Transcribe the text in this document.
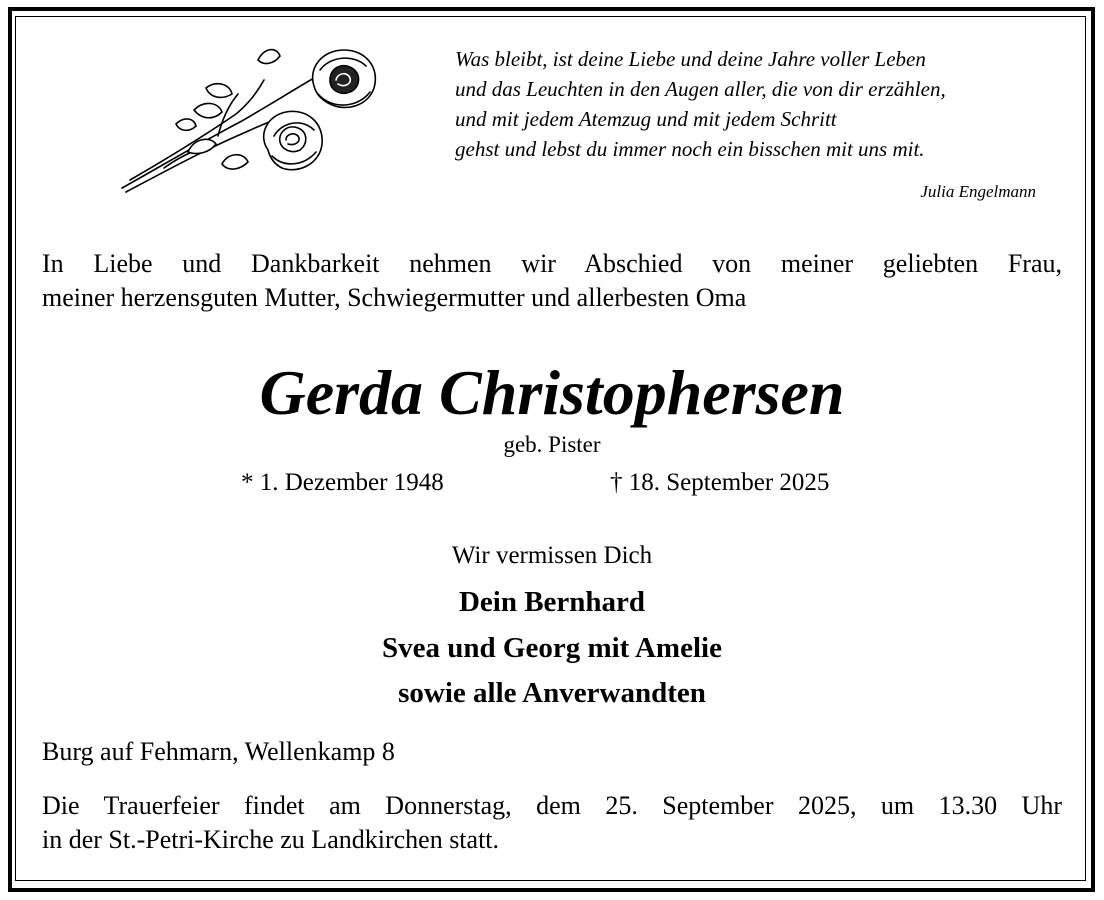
Was bleibt, ist deine Liebe und deine Jahre voller Leben
und das Leuchten in den Augen aller, die von dir erzählen,
und mit jedem Atemzug und mit jedem Schritt
gehst und lebst du immer noch ein bisschen mit uns mit.
Julia Engelmann
In Liebe und Dankbarkeit nehmen wir Abschied von meiner geliebten Frau,
meiner herzensguten Mutter, Schwiegermutter und allerbesten Oma
Gerda Christophersen
geb. Pister
* 1. Dezember 1948	† 18. September 2025
Wir vermissen Dich
Dein Bernhard
Svea und Georg mit Amelie
sowie alle Anverwandten
Burg auf Fehmarn, Wellenkamp 8
Die Trauerfeier findet am Donnerstag, dem 25. September 2025, um 13.30 Uhr
in der St.-Petri-Kirche zu Landkirchen statt.
